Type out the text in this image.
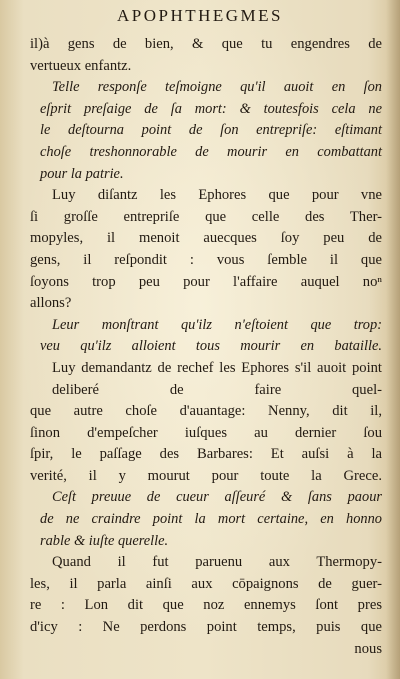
APOPHTHEGMES
il)à gens de bien, & que tu engendres de
vertueux enfantz.
Telle responſe teſmoigne qu'il auoit en ſon
eſprit preſaige de ſa mort: & toutesfois cela ne
le deſtourna point de ſon entrepriſe: eſtimant
choſe treshonnorable de mourir en combattant
pour la patrie.
Luy diſantz les Ephores que pour vne
ſi groſſe entrepriſe que celle des Ther-
mopyles, il menoit auecques ſoy peu de
gens, il reſpondit : vous ſemble il que
ſoyons trop peu pour l'affaire auquel noⁿ
allons?
Leur monſtrant qu'ilz n'eſtoient que trop:
veu qu'ilz alloient tous mourir en bataille.
Luy demandantz de rechef les Ephores s'il auoit point deliberé de faire quel-
que autre choſe d'auantage: Nenny, dit il,
ſinon d'empeſcher iuſques au dernier ſou
ſpir, le paſſage des Barbares: Et auſsi à la
verité, il y mourut pour toute la Grece.
Ceſt preuue de cueur aſſeuré & ſans paour
de ne craindre point la mort certaine, en honno
rable & iuſte querelle.
Quand il fut paruenu aux Thermopy-
les, il parla ainſi aux cōpaignons de guer-
re : Lon dit que noz ennemys ſont pres
d'icy : Ne perdons point temps, puis que
nous
